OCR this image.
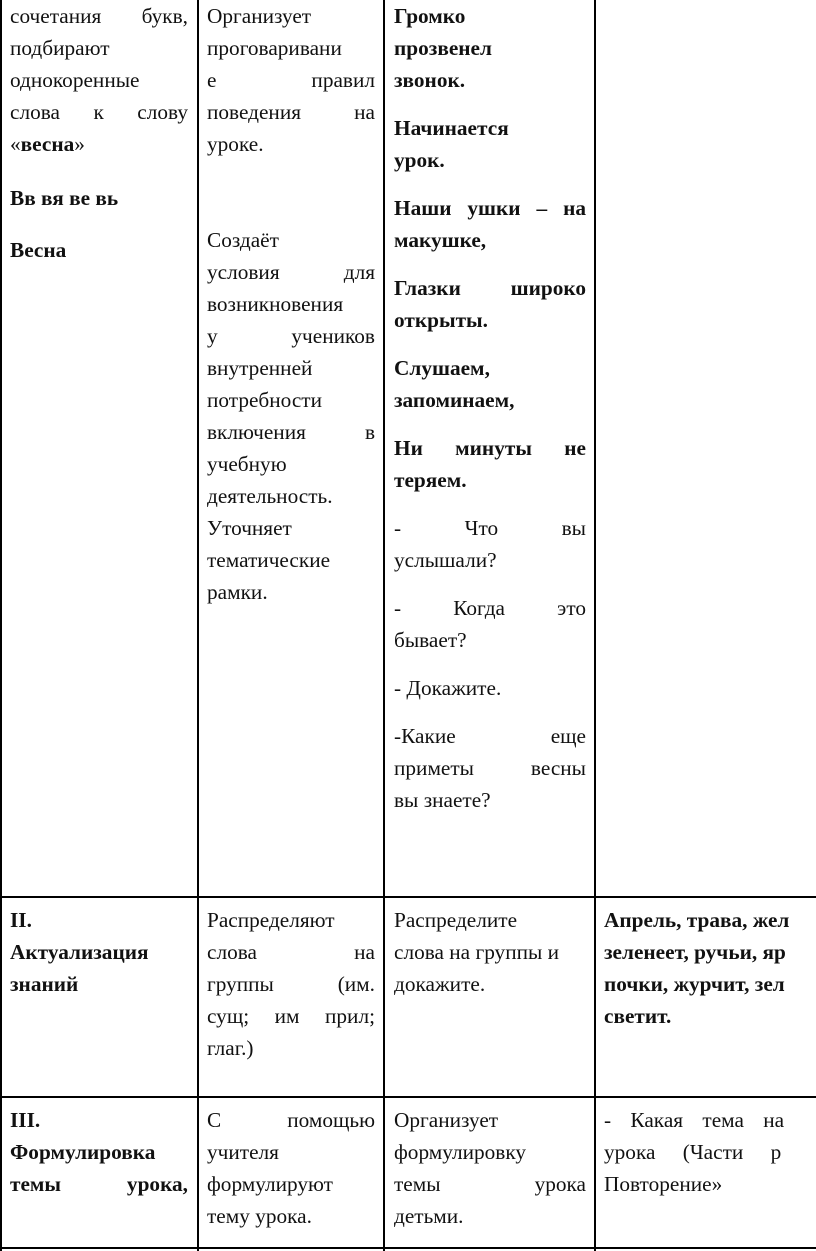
сочетания букв,
подбирают
однокоренные
слова к слову
«весна»
Вв вя ве вь
Весна
Организует
проговаривани
е правил
поведения на
уроке.
Создаёт
условия для
возникновения
у учеников
внутренней
потребности
включения в
учебную
деятельность.
Уточняет
тематические
рамки.
Громко
прозвенел
звонок.
Начинается
урок.
Наши ушки – на
макушке,
Глазки широко
открыты.
Слушаем,
запоминаем,
Ни минуты не
теряем.
- Что вы
услышали?
- Когда это
бывает?
- Докажите.
-Какие еще
приметы весны
вы знаете?
II.
Актуализация
знаний
Распределяют
слова на
группы (им.
сущ; им прил;
глаг.)
Распределите
слова на группы и
докажите.
Апрель, трава, жел
зеленеет, ручьи, яр
почки, журчит, зел
светит.
III.
Формулировка
темы урока,
С помощью
учителя
формулируют
тему урока.
Организует
формулировку
темы урока
детьми.
- Какая тема на
урока (Части р
Повторение»
